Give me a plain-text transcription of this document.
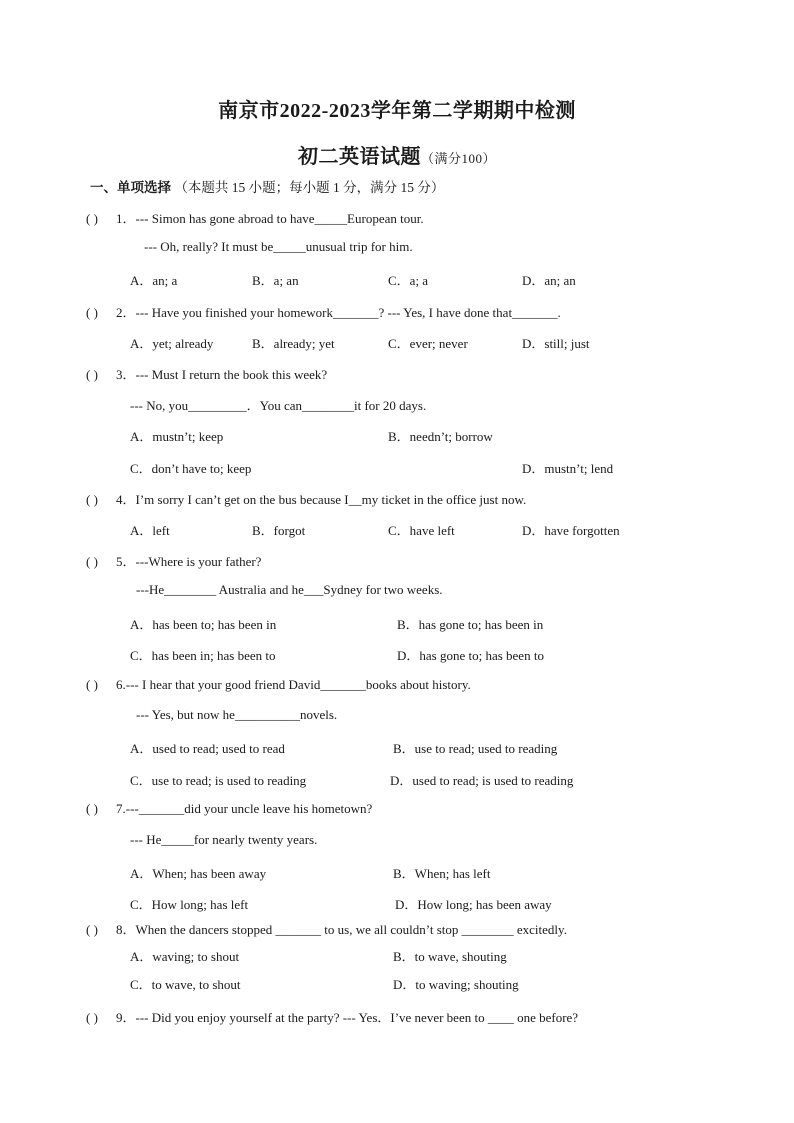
南京市2022-2023学年第二学期期中检测
初二英语试题（满分100）
一、单项选择 （本题共 15 小题；每小题 1 分，满分 15 分）
( ) 1．--- Simon has gone abroad to have_____European tour.
--- Oh, really? It must be_____unusual trip for him.
A．an; a	B．a; an	C．a; a	D．an; an
( ) 2．--- Have you finished your homework_______? --- Yes, I have done that_______.
A．yet; already	B．already; yet	C．ever; never	D．still; just
( ) 3．--- Must I return the book this week?
--- No, you_________．You can________it for 20 days.
A．mustn’t; keep	B．needn’t; borrow
C．don’t have to; keep	D．mustn’t; lend
( ) 4．I’m sorry I can’t get on the bus because I__my ticket in the office just now.
A．left	B．forgot	C．have left	D．have forgotten
( ) 5．---Where is your father?
---He________ Australia and he___Sydney for two weeks.
A．has been to; has been in	B．has gone to; has been in
C．has been in; has been to	D．has gone to; has been to
( ) 6.--- I hear that your good friend David_______books about history.
--- Yes, but now he__________novels.
A．used to read; used to read	B．use to read; used to reading
C．use to read; is used to reading	D．used to read; is used to reading
( ) 7.---_______did your uncle leave his hometown?
--- He_____for nearly twenty years.
A．When; has been away	B．When; has left
C．How long; has left	D．How long; has been away
( ) 8．When the dancers stopped _______ to us, we all couldn’t stop ________ excitedly.
A．waving; to shout	B．to wave, shouting
C．to wave, to shout	D．to waving; shouting
( ) 9．--- Did you enjoy yourself at the party? --- Yes．I’ve never been to ____ one before?
